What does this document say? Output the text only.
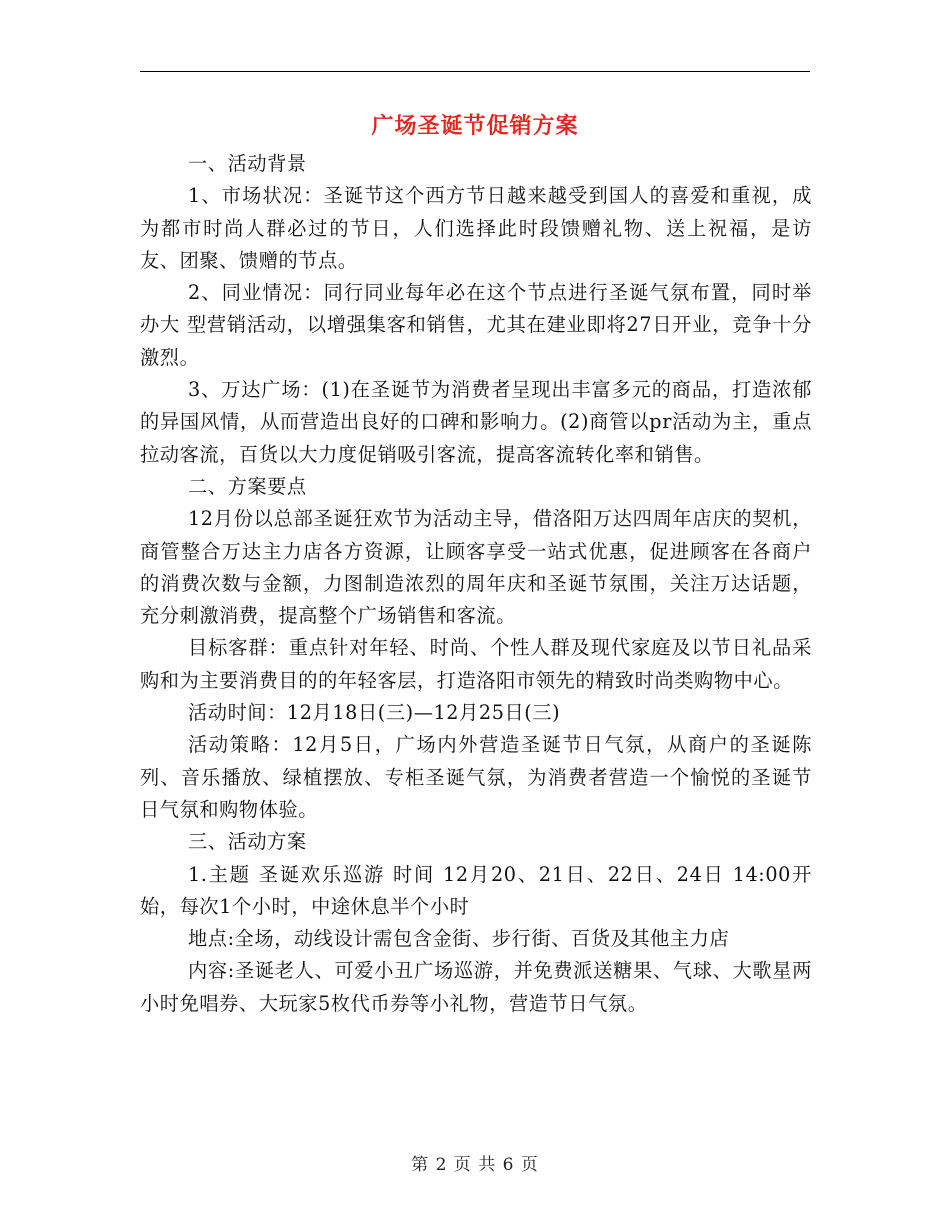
广场圣诞节促销方案

一、活动背景

1、市场状况：圣诞节这个西方节日越来越受到国人的喜爱和重视，成为都市时尚人群必过的节日，人们选择此时段馈赠礼物、送上祝福，是访友、团聚、馈赠的节点。

2、同业情况：同行同业每年必在这个节点进行圣诞气氛布置，同时举办大 型营销活动，以增强集客和销售，尤其在建业即将27日开业，竞争十分激烈。

3、万达广场：(1)在圣诞节为消费者呈现出丰富多元的商品，打造浓郁的异国风情，从而营造出良好的口碑和影响力。(2)商管以pr活动为主，重点拉动客流，百货以大力度促销吸引客流，提高客流转化率和销售。

二、方案要点

12月份以总部圣诞狂欢节为活动主导，借洛阳万达四周年店庆的契机，商管整合万达主力店各方资源，让顾客享受一站式优惠，促进顾客在各商户的消费次数与金额，力图制造浓烈的周年庆和圣诞节氛围，关注万达话题，充分刺激消费，提高整个广场销售和客流。

目标客群：重点针对年轻、时尚、个性人群及现代家庭及以节日礼品采购和为主要消费目的的年轻客层，打造洛阳市领先的精致时尚类购物中心。

活动时间：12月18日(三)—12月25日(三)

活动策略：12月5日，广场内外营造圣诞节日气氛，从商户的圣诞陈列、音乐播放、绿植摆放、专柜圣诞气氛，为消费者营造一个愉悦的圣诞节日气氛和购物体验。

三、活动方案

1.主题 圣诞欢乐巡游 时间 12月20、21日、22日、24日 14:00开始，每次1个小时，中途休息半个小时

地点:全场，动线设计需包含金街、步行街、百货及其他主力店

内容:圣诞老人、可爱小丑广场巡游，并免费派送糖果、气球、大歌星两小时免唱券、大玩家5枚代币券等小礼物，营造节日气氛。

第 2 页 共 6 页
